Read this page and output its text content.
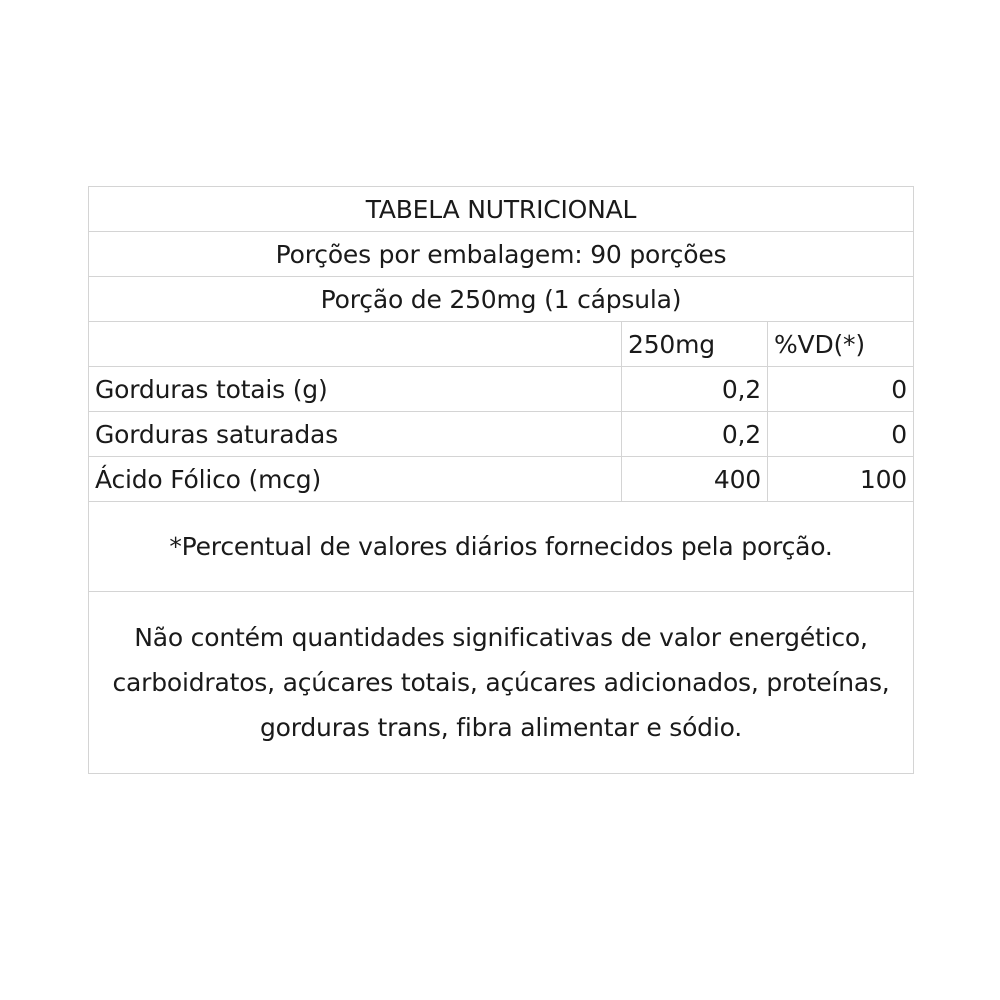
TABELA NUTRICIONAL		
Porções por embalagem: 90 porções		
Porção de 250mg (1 cápsula)		
	250mg	%VD(*)
Gorduras totais (g)	0,2	0
Gorduras saturadas	0,2	0
Ácido Fólico (mcg)	400	100
*Percentual de valores diários fornecidos pela porção.		
Não contém quantidades significativas de valor energético, carboidratos, açúcares totais, açúcares adicionados, proteínas, gorduras trans, fibra alimentar e sódio.		
